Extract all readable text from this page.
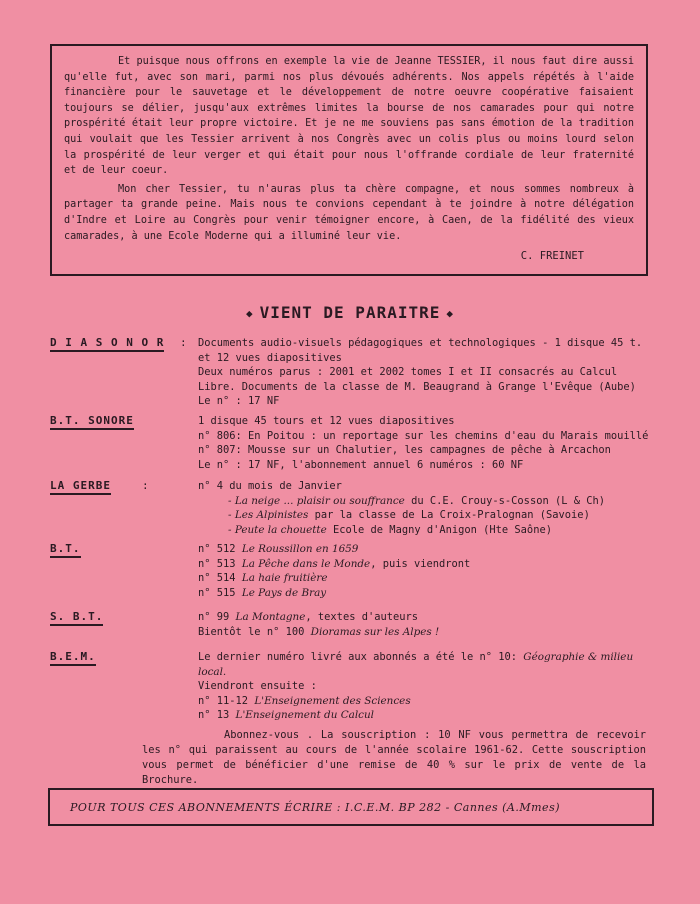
Et puisque nous offrons en exemple la vie de Jeanne TESSIER, il nous faut dire aussi qu'elle fut, avec son mari, parmi nos plus dévoués adhérents. Nos appels répétés à l'aide financière pour le sauvetage et le développement de notre oeuvre coopérative faisaient toujours se délier, jusqu'aux extrêmes limites la bourse de nos camarades pour qui notre prospérité était leur propre victoire. Et je ne me souviens pas sans émotion de la tradition qui voulait que les Tessier arrivent à nos Congrès avec un colis plus ou moins lourd selon la prospérité de leur verger et qui était pour nous l'offrande cordiale de leur fraternité et de leur coeur.

Mon cher Tessier, tu n'auras plus ta chère compagne, et nous sommes nombreux à partager ta grande peine. Mais nous te convions cependant à te joindre à notre délégation d'Indre et Loire au Congrès pour venir témoigner encore, à Caen, de la fidélité des vieux camarades, à une Ecole Moderne qui a illuminé leur vie.

C. FREINET
◆ VIENT DE PARAITRE ◆
D I A S O N O R : Documents audio-visuels pédagogiques et technologiques - 1 disque 45 t.
et 12 vues diapositives
Deux numéros parus : 2001 et 2002 tomes I et II consacrés au Calcul
Libre. Documents de la classe de M. Beaugrand à Grange l'Evêque (Aube)
Le n° : 17 NF
B.T. SONORE	1 disque 45 tours et 12 vues diapositives
n° 806: En Poitou : un reportage sur les chemins d'eau du Marais mouillé
n° 807: Mousse sur un Chalutier, les campagnes de pêche à Arcachon
Le n° : 17 NF, l'abonnement annuel 6 numéros : 60 NF
LA GERBE	:	n° 4 du mois de Janvier
- La neige ... plaisir ou souffrance du C.E. Crouy-s-Cosson (L & Ch)
- Les Alpinistes par la classe de La Croix-Pralognan (Savoie)
- Peute la chouette Ecole de Magny d'Anigon (Hte Saône)
B.T.	n° 512 Le Roussillon en 1659
n° 513 La Pêche dans le Monde, puis viendront
n° 514 La haie fruitière
n° 515 Le Pays de Bray
S. B.T.	n° 99 La Montagne, textes d'auteurs
Bientôt le n° 100 Dioramas sur les Alpes !
B.E.M.	Le dernier numéro livré aux abonnés a été le n° 10: Géographie & milieu
local.
Viendront ensuite :
n° 11-12 L'Enseignement des Sciences
n° 13 L'Enseignement du Calcul

Abonnez-vous . La souscription : 10 NF vous permettra de recevoir les n° qui paraissent au cours de l'année scolaire 1961-62. Cette souscription vous permet de bénéficier d'une remise de 40 % sur le prix de vente de la Brochure.

POUR TOUS CES ABONNEMENTS ÉCRIRE : I.C.E.M. BP 282 - Cannes (A.Mmes)
